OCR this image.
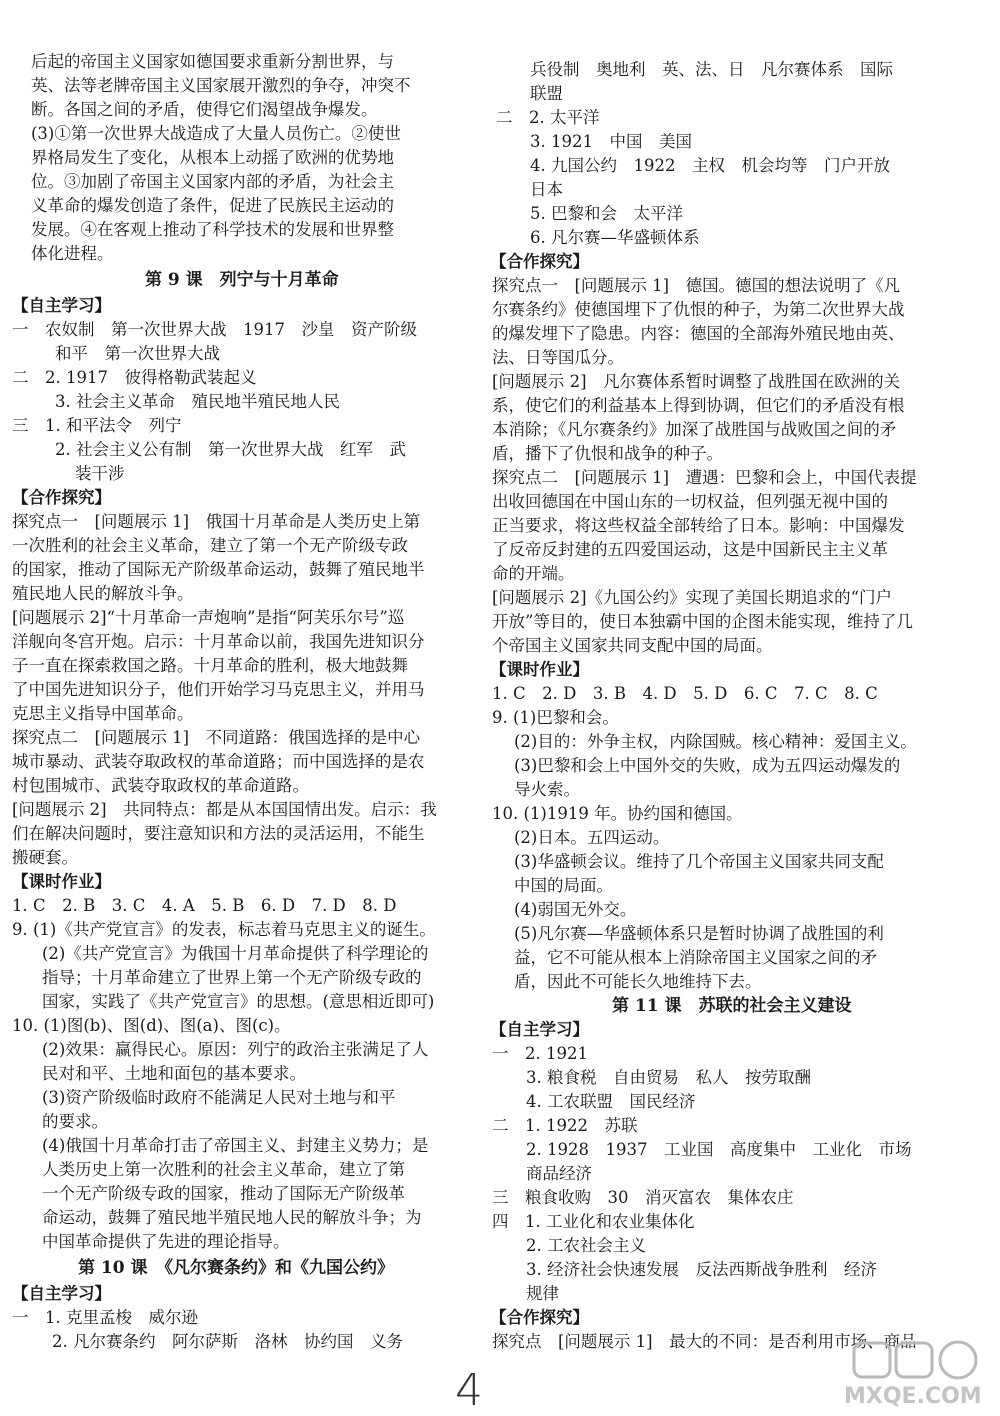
后起的帝国主义国家如德国要求重新分割世界，与
英、法等老牌帝国主义国家展开激烈的争夺，冲突不
断。各国之间的矛盾，使得它们渴望战争爆发。
(3)①第一次世界大战造成了大量人员伤亡。②使世
界格局发生了变化，从根本上动摇了欧洲的优势地
位。③加剧了帝国主义国家内部的矛盾，为社会主
义革命的爆发创造了条件，促进了民族民主运动的
发展。④在客观上推动了科学技术的发展和世界整
体化进程。
第 9 课　列宁与十月革命
【自主学习】
一　农奴制　第一次世界大战　1917　沙皇　资产阶级
和平　第一次世界大战
二　2. 1917　彼得格勒武装起义
3. 社会主义革命　殖民地半殖民地人民
三　1. 和平法令　列宁
2. 社会主义公有制　第一次世界大战　红军　武
装干涉
【合作探究】
探究点一　[问题展示 1]　俄国十月革命是人类历史上第
一次胜利的社会主义革命，建立了第一个无产阶级专政
的国家，推动了国际无产阶级革命运动，鼓舞了殖民地半
殖民地人民的解放斗争。
[问题展示 2]“十月革命一声炮响”是指“阿芙乐尔号”巡
洋舰向冬宫开炮。启示：十月革命以前，我国先进知识分
子一直在探索救国之路。十月革命的胜利，极大地鼓舞
了中国先进知识分子，他们开始学习马克思主义，并用马
克思主义指导中国革命。
探究点二　[问题展示 1]　不同道路：俄国选择的是中心
城市暴动、武装夺取政权的革命道路；而中国选择的是农
村包围城市、武装夺取政权的革命道路。
[问题展示 2]　共同特点：都是从本国国情出发。启示：我
们在解决问题时，要注意知识和方法的灵活运用，不能生
搬硬套。
【课时作业】
1. C　2. B　3. C　4. A　5. B　6. D　7. D　8. D
9. (1)《共产党宣言》的发表，标志着马克思主义的诞生。
(2)《共产党宣言》为俄国十月革命提供了科学理论的
指导；十月革命建立了世界上第一个无产阶级专政的
国家，实践了《共产党宣言》的思想。(意思相近即可)
10. (1)图(b)、图(d)、图(a)、图(c)。
(2)效果：赢得民心。原因：列宁的政治主张满足了人
民对和平、土地和面包的基本要求。
(3)资产阶级临时政府不能满足人民对土地与和平
的要求。
(4)俄国十月革命打击了帝国主义、封建主义势力；是
人类历史上第一次胜利的社会主义革命，建立了第
一个无产阶级专政的国家，推动了国际无产阶级革
命运动，鼓舞了殖民地半殖民地人民的解放斗争；为
中国革命提供了先进的理论指导。
第 10 课　《凡尔赛条约》和《九国公约》
【自主学习】
一　1. 克里孟梭　威尔逊
2. 凡尔赛条约　阿尔萨斯　洛林　协约国　义务
兵役制　奥地利　英、法、日　凡尔赛体系　国际
联盟
二　2. 太平洋
3. 1921　中国　美国
4. 九国公约　1922　主权　机会均等　门户开放
日本
5. 巴黎和会　太平洋
6. 凡尔赛—华盛顿体系
【合作探究】
探究点一　[问题展示 1]　德国。德国的想法说明了《凡
尔赛条约》使德国埋下了仇恨的种子，为第二次世界大战
的爆发埋下了隐患。内容：德国的全部海外殖民地由英、
法、日等国瓜分。
[问题展示 2]　凡尔赛体系暂时调整了战胜国在欧洲的关
系，使它们的利益基本上得到协调，但它们的矛盾没有根
本消除；《凡尔赛条约》加深了战胜国与战败国之间的矛
盾，播下了仇恨和战争的种子。
探究点二　[问题展示 1]　遭遇：巴黎和会上，中国代表提
出收回德国在中国山东的一切权益，但列强无视中国的
正当要求，将这些权益全部转给了日本。影响：中国爆发
了反帝反封建的五四爱国运动，这是中国新民主主义革
命的开端。
[问题展示 2]《九国公约》实现了美国长期追求的“门户
开放”等目的，使日本独霸中国的企图未能实现，维持了几
个帝国主义国家共同支配中国的局面。
【课时作业】
1. C　2. D　3. B　4. D　5. D　6. C　7. C　8. C
9. (1)巴黎和会。
(2)目的：外争主权，内除国贼。核心精神：爱国主义。
(3)巴黎和会上中国外交的失败，成为五四运动爆发的
导火索。
10. (1)1919 年。协约国和德国。
(2)日本。五四运动。
(3)华盛顿会议。维持了几个帝国主义国家共同支配
中国的局面。
(4)弱国无外交。
(5)凡尔赛—华盛顿体系只是暂时协调了战胜国的利
益，它不可能从根本上消除帝国主义国家之间的矛
盾，因此不可能长久地维持下去。
第 11 课　苏联的社会主义建设
【自主学习】
一　2. 1921
3. 粮食税　自由贸易　私人　按劳取酬
4. 工农联盟　国民经济
二　1. 1922　苏联
2. 1928　1937　工业国　高度集中　工业化　市场
商品经济
三　粮食收购　30　消灭富农　集体农庄
四　1. 工业化和农业集体化
2. 工农社会主义
3. 经济社会快速发展　反法西斯战争胜利　经济
规律
【合作探究】
探究点　[问题展示 1]　最大的不同：是否利用市场、商品
4	MXQE.COM
